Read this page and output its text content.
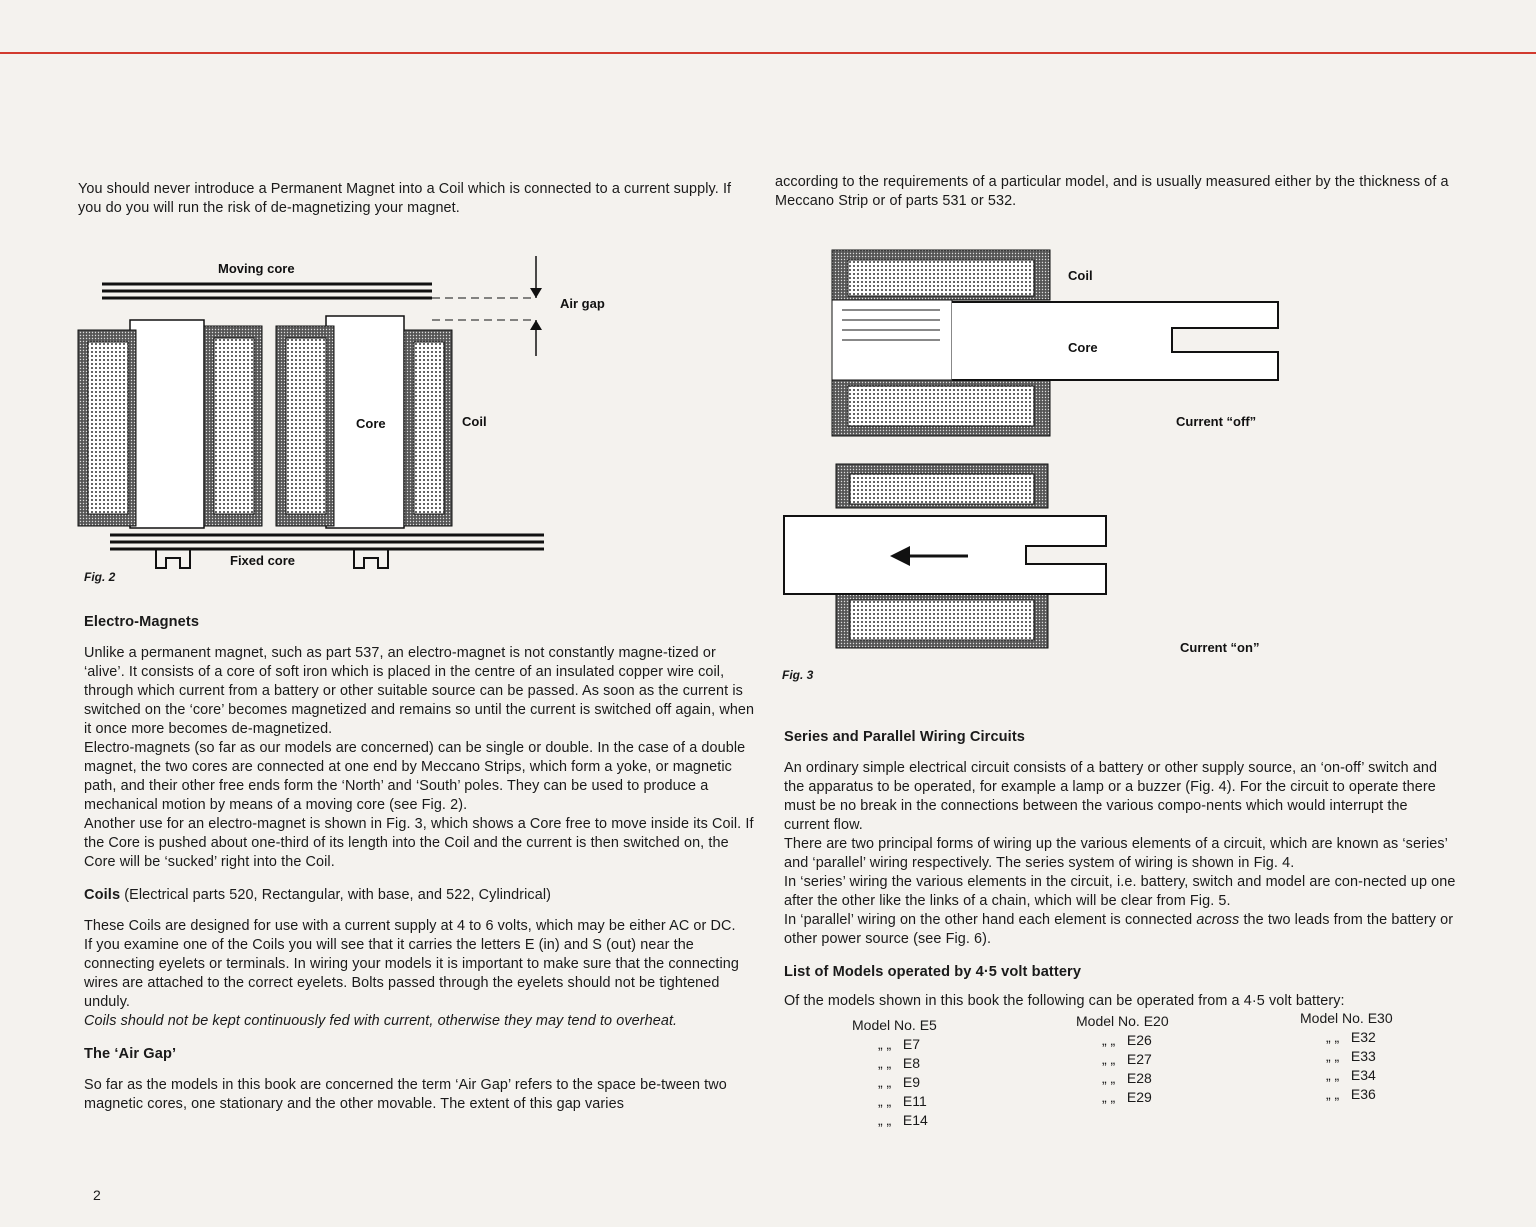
You should never introduce a Permanent Magnet into a Coil which is connected to a current supply. If you do you will run the risk of de-magnetizing your magnet.

Moving core
Air gap
Core	Coil
Fixed core
Fig. 2

Electro-Magnets

Unlike a permanent magnet, such as part 537, an electro-magnet is not constantly magne-tized or ‘alive’. It consists of a core of soft iron which is placed in the centre of an insulated copper wire coil, through which current from a battery or other suitable source can be passed. As soon as the current is switched on the ‘core’ becomes magnetized and remains so until the current is switched off again, when it once more becomes de-magnetized.

Electro-magnets (so far as our models are concerned) can be single or double. In the case of a double magnet, the two cores are connected at one end by Meccano Strips, which form a yoke, or magnetic path, and their other free ends form the ‘North’ and ‘South’ poles. They can be used to produce a mechanical motion by means of a moving core (see Fig. 2).

Another use for an electro-magnet is shown in Fig. 3, which shows a Core free to move inside its Coil. If the Core is pushed about one-third of its length into the Coil and the current is then switched on, the Core will be ‘sucked’ right into the Coil.

Coils (Electrical parts 520, Rectangular, with base, and 522, Cylindrical)

These Coils are designed for use with a current supply at 4 to 6 volts, which may be either AC or DC.

If you examine one of the Coils you will see that it carries the letters E (in) and S (out) near the connecting eyelets or terminals. In wiring your models it is important to make sure that the connecting wires are attached to the correct eyelets. Bolts passed through the eyelets should not be tightened unduly.

Coils should not be kept continuously fed with current, otherwise they may tend to overheat.

The ‘Air Gap’

So far as the models in this book are concerned the term ‘Air Gap’ refers to the space be-tween two magnetic cores, one stationary and the other movable. The extent of this gap varies

according to the requirements of a particular model, and is usually measured either by the thickness of a Meccano Strip or of parts 531 or 532.

Coil
Core
Current “off”
Current “on”
Fig. 3

Series and Parallel Wiring Circuits

An ordinary simple electrical circuit consists of a battery or other supply source, an ‘on-off’ switch and the apparatus to be operated, for example a lamp or a buzzer (Fig. 4). For the circuit to operate there must be no break in the connections between the various compo-nents which would interrupt the current flow.

There are two principal forms of wiring up the various elements of a circuit, which are known as ‘series’ and ‘parallel’ wiring respectively. The series system of wiring is shown in Fig. 4.

In ‘series’ wiring the various elements in the circuit, i.e. battery, switch and model are con-nected up one after the other like the links of a chain, which will be clear from Fig. 5.

In ‘parallel’ wiring on the other hand each element is connected across the two leads from the battery or other power source (see Fig. 6).

List of Models operated by 4·5 volt battery

Of the models shown in this book the following can be operated from a 4·5 volt battery:

Model No. E5
„ „ E7
„ „ E8
„ „ E9
„ „ E11
„ „ E14
Model No. E20
„ „ E26
„ „ E27
„ „ E28
„ „ E29
Model No. E30
„ „ E32
„ „ E33
„ „ E34
„ „ E36
2
